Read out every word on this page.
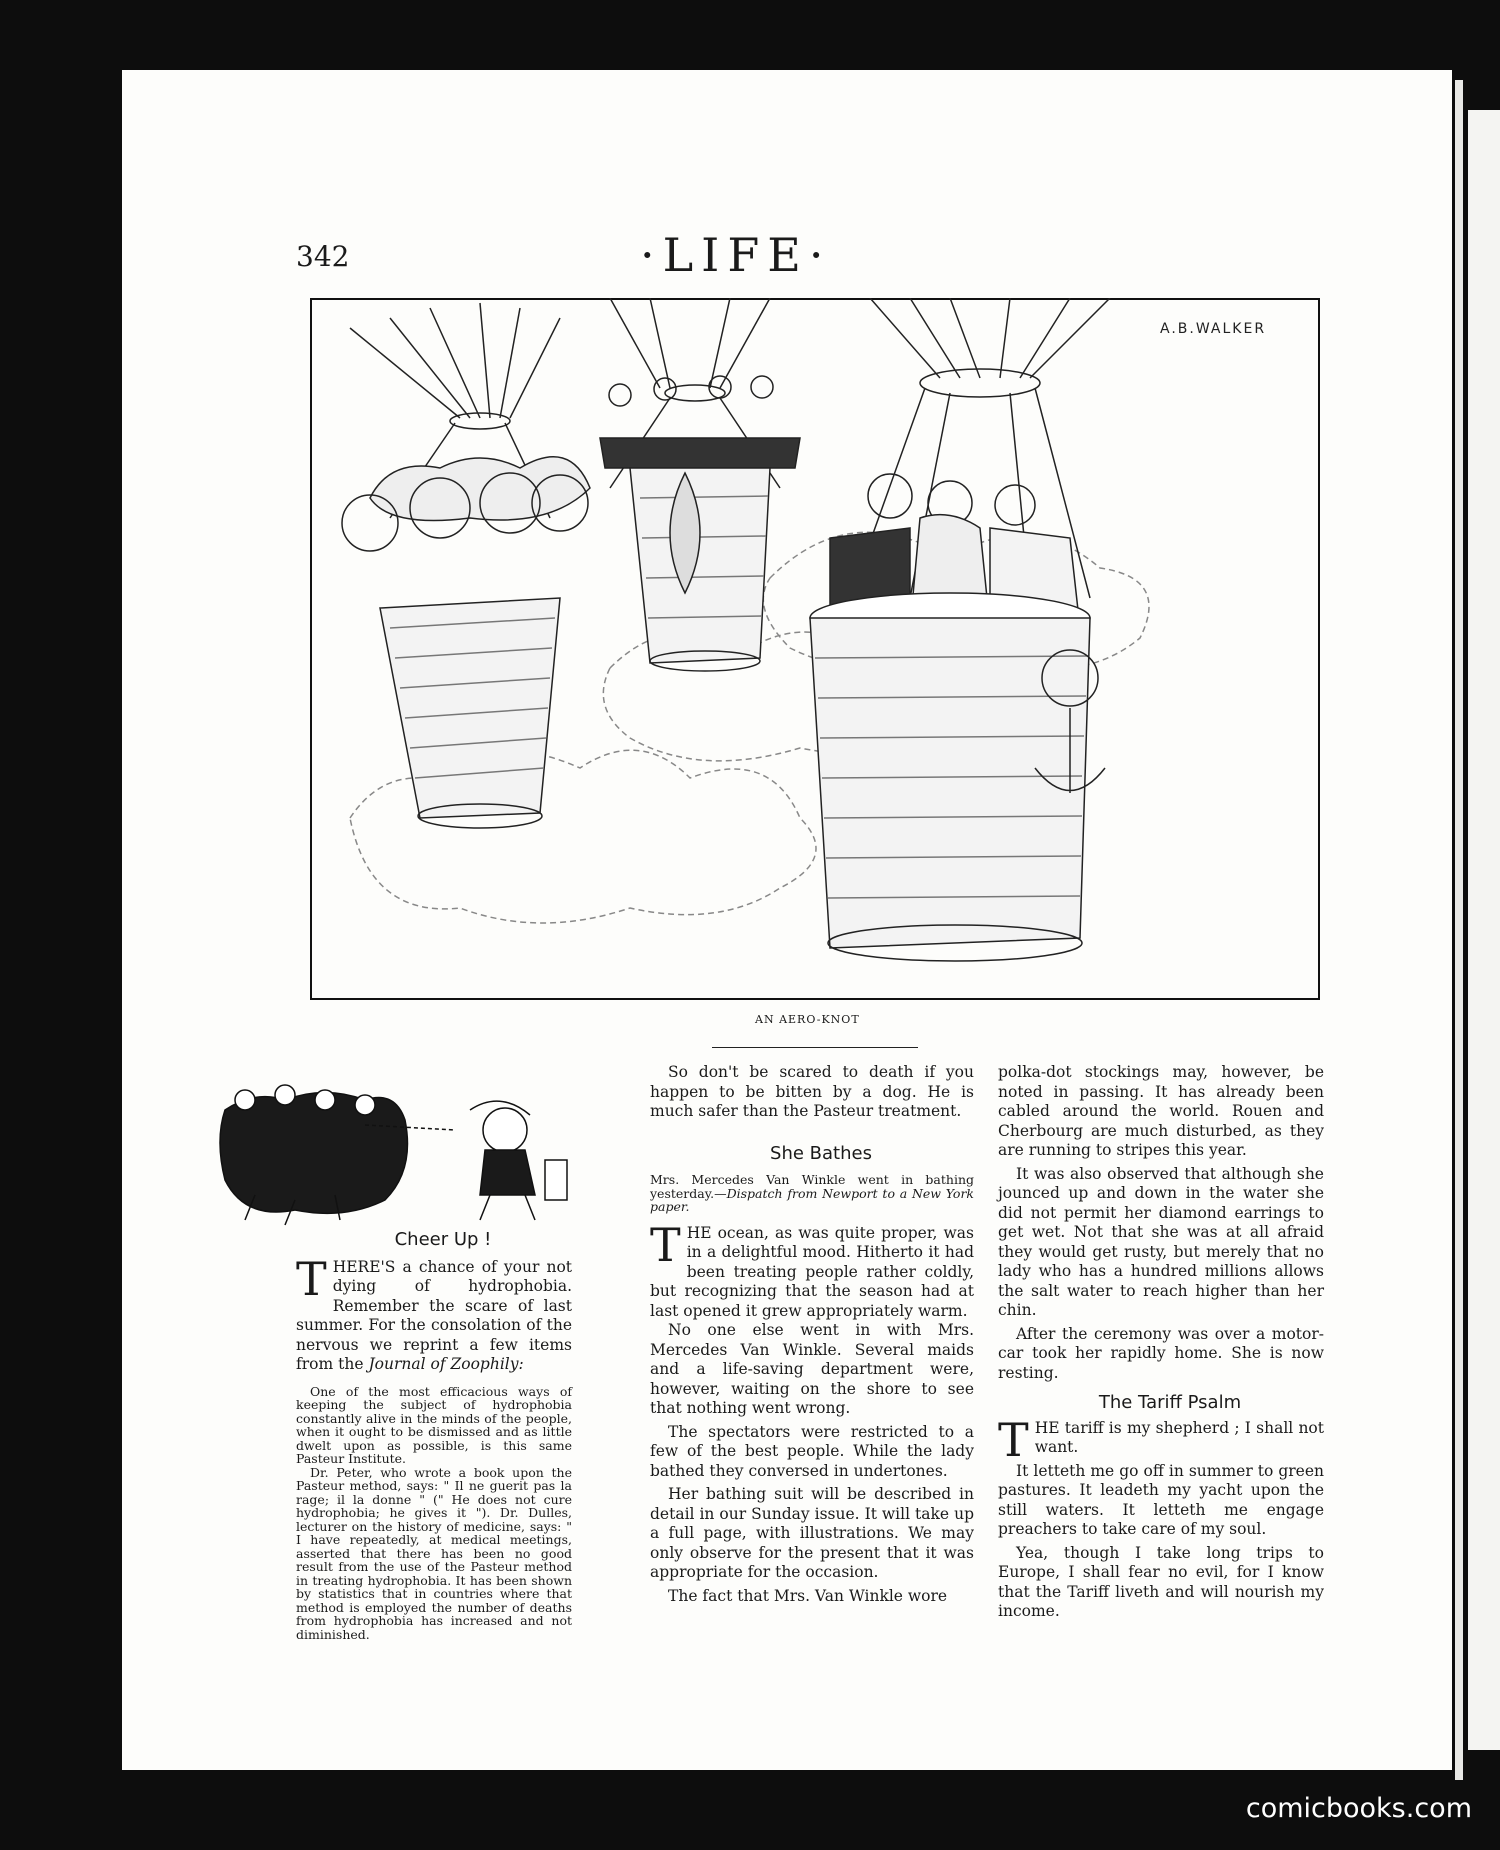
342	·LIFE·
A.B.WALKER
AN AERO-KNOT

Cheer Up !

T HERE'S a chance of your not dying of hydrophobia. Remember the scare of last summer. For the consolation of the nervous we reprint a few items from the Journal of Zoophily:

One of the most efficacious ways of keeping the subject of hydrophobia constantly alive in the minds of the people, when it ought to be dismissed and as little dwelt upon as possible, is this same Pasteur Institute.

Dr. Peter, who wrote a book upon the Pasteur method, says: " Il ne guerit pas la rage; il la donne " (" He does not cure hydrophobia; he gives it "). Dr. Dulles, lecturer on the history of medicine, says: " I have repeatedly, at medical meetings, asserted that there has been no good result from the use of the Pasteur method in treating hydrophobia. It has been shown by statistics that in countries where that method is employed the number of deaths from hydrophobia has increased and not diminished.

So don't be scared to death if you happen to be bitten by a dog. He is much safer than the Pasteur treatment.

She Bathes

Mrs. Mercedes Van Winkle went in bathing yesterday.—Dispatch from Newport to a New York paper.
T HE ocean, as was quite proper, was in a delightful mood. Hitherto it had been treating people rather coldly, but recognizing that the season had at last opened it grew appropriately warm.

No one else went in with Mrs. Mercedes Van Winkle. Several maids and a life-saving department were, however, waiting on the shore to see that nothing went wrong.

The spectators were restricted to a few of the best people. While the lady bathed they conversed in undertones.

Her bathing suit will be described in detail in our Sunday issue. It will take up a full page, with illustrations. We may only observe for the present that it was appropriate for the occasion.

The fact that Mrs. Van Winkle wore

polka-dot stockings may, however, be noted in passing. It has already been cabled around the world. Rouen and Cherbourg are much disturbed, as they are running to stripes this year.

It was also observed that although she jounced up and down in the water she did not permit her diamond earrings to get wet. Not that she was at all afraid they would get rusty, but merely that no lady who has a hundred millions allows the salt water to reach higher than her chin.

After the ceremony was over a motor-car took her rapidly home. She is now resting.

The Tariff Psalm

T HE tariff is my shepherd ; I shall not want.

It letteth me go off in summer to green pastures. It leadeth my yacht upon the still waters. It letteth me engage preachers to take care of my soul.

Yea, though I take long trips to Europe, I shall fear no evil, for I know that the Tariff liveth and will nourish my income.

comicbooks.com
